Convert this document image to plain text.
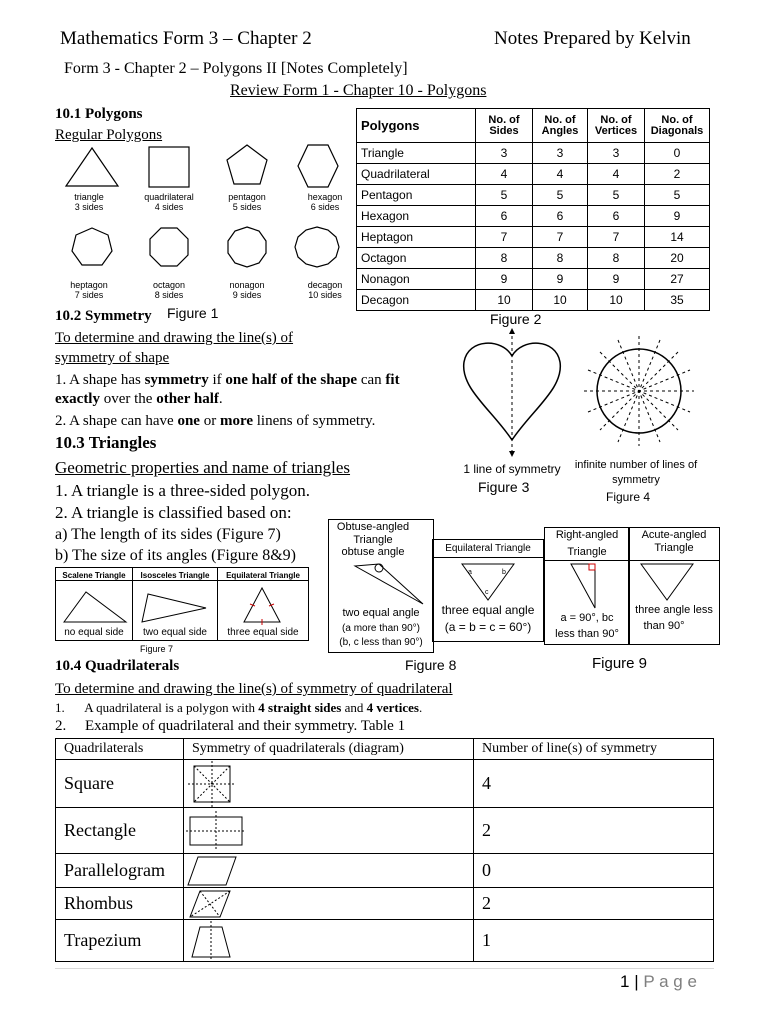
Mathematics Form 3 – Chapter 2	Notes Prepared by Kelvin
Form 3 - Chapter 2 – Polygons II [Notes Completely]
Review Form 1 - Chapter 10 - Polygons
10.1 Polygons
Regular Polygons
triangle
3 sides
quadrilateral
4 sides
pentagon
5 sides
hexagon
6 sides
heptagon
7 sides
octagon
8 sides
nonagon
9 sides
decagon
10 sides
Polygons	No. of Sides	No. of Angles	No. of Vertices	No. of Diagonals
Triangle	3	3	3	0
Quadrilateral	4	4	4	2
Pentagon	5	5	5	5
Hexagon	6	6	6	9
Heptagon	7	7	7	14
Octagon	8	8	8	20
Nonagon	9	9	9	27
Decagon	10	10	10	35
10.2 Symmetry Figure 1	Figure 2
To determine and drawing the line(s) of
symmetry of shape
1. A shape has symmetry if one half of the shape can fit
exactly over the other half.
2. A shape can have one or more linens of symmetry.
1 line of symmetry
Figure 3
infinite number of lines of
symmetry
Figure 4
10.3 Triangles
Geometric properties and name of triangles
1. A triangle is a three-sided polygon.
2. A triangle is classified based on:
a) The length of its sides (Figure 7)
b) The size of its angles (Figure 8&9)
Scalene Triangle	Isosceles Triangle	Equilateral Triangle
no equal side	two equal side	three equal side
Figure 7
Obtuse-angled
Triangle
obtuse angle
two equal angle
(a more than 90°)
(b, c less than 90°)
Equilateral Triangle
a	b
c
three equal angle
(a = b = c = 60°)
Figure 8
Right-angled
Triangle
a = 90°, bc
less than 90°
Acute-angled
Triangle
three angle less
than 90°
Figure 9
10.4 Quadrilaterals
To determine and drawing the line(s) of symmetry of quadrilateral
1. A quadrilateral is a polygon with 4 straight sides and 4 vertices.
2. Example of quadrilateral and their symmetry. Table 1
Quadrilaterals	Symmetry of quadrilaterals (diagram)	Number of line(s) of symmetry
Square		4
Rectangle		2
Parallelogram		0
Rhombus		2
Trapezium		1
1 | P a g e
